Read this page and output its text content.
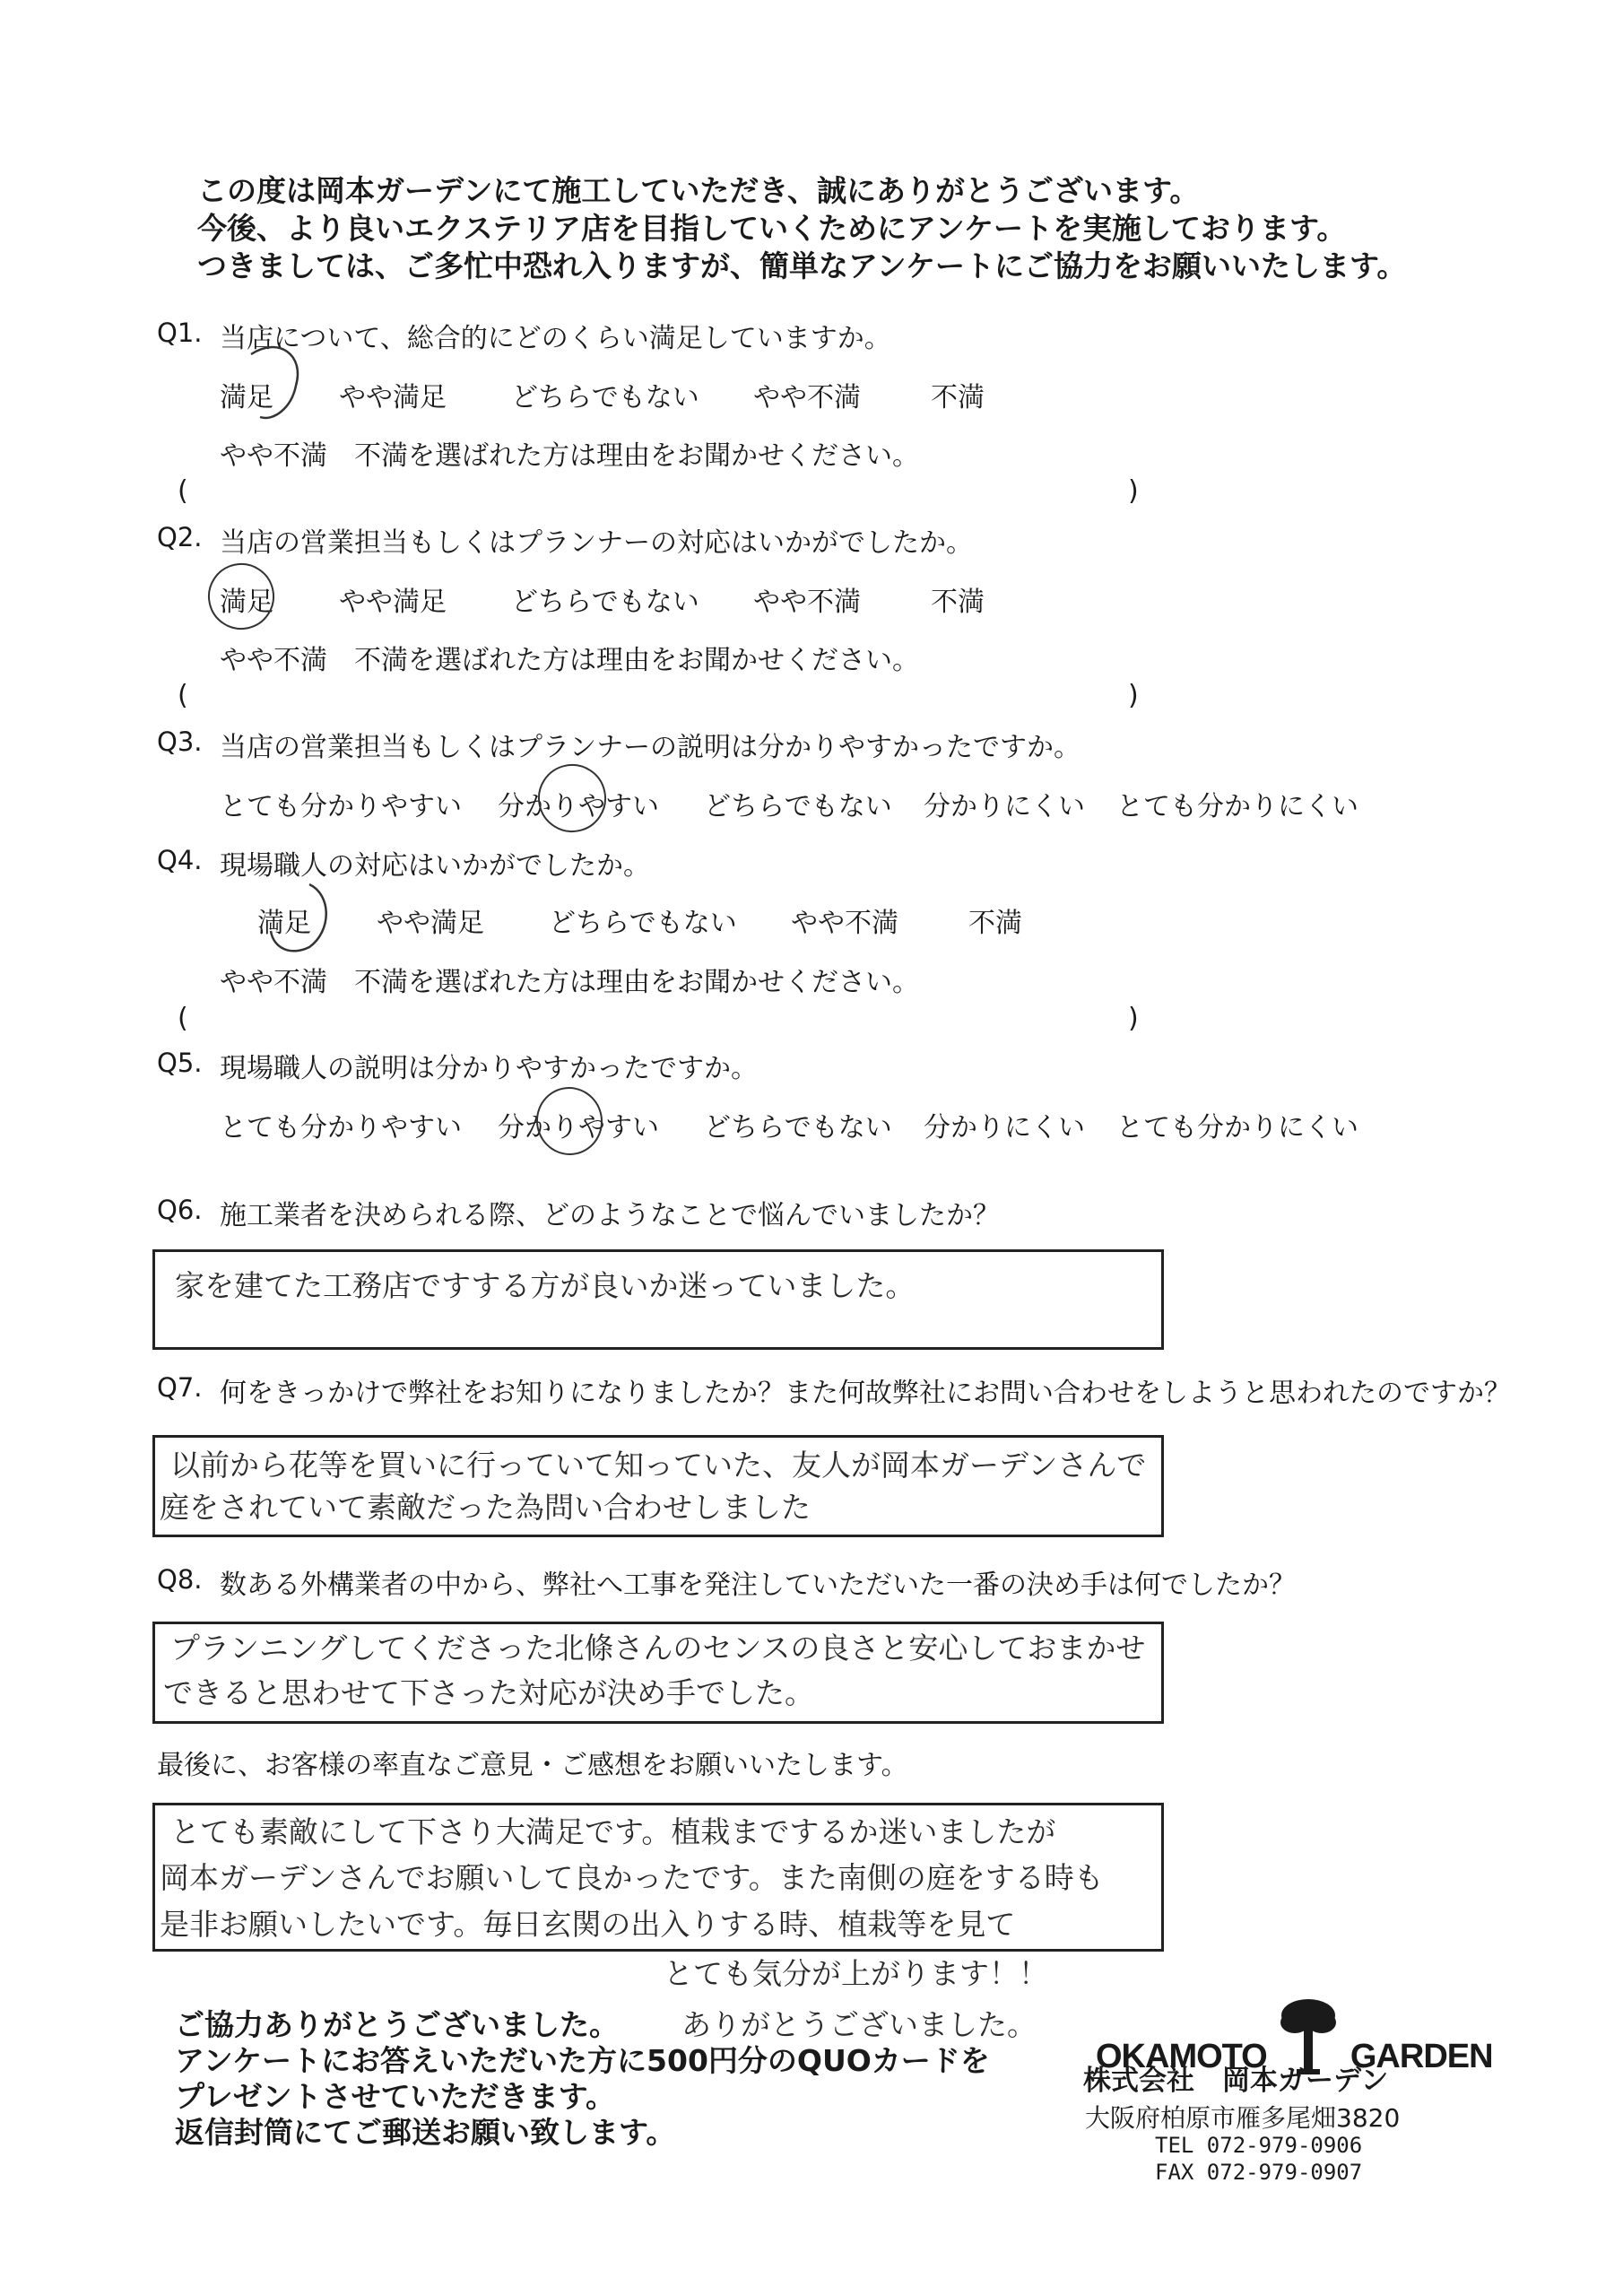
この度は岡本ガーデンにて施工していただき、誠にありがとうございます。
今後、より良いエクステリア店を目指していくためにアンケートを実施しております。
つきましては、ご多忙中恐れ入りますが、簡単なアンケートにご協力をお願いいたします。
Q1. 当店について、総合的にどのくらい満足していますか。
満足 やや満足 どちらでもない やや不満	不満
やや不満　不満を選ばれた方は理由をお聞かせください。
(	)
Q2. 当店の営業担当もしくはプランナーの対応はいかがでしたか。
満足 やや満足 どちらでもない やや不満	不満
やや不満　不満を選ばれた方は理由をお聞かせください。
(	)
Q3. 当店の営業担当もしくはプランナーの説明は分かりやすかったですか。
とても分かりやすい 分かりやすい どちらでもない 分かりにくい とても分かりにくい
Q4. 現場職人の対応はいかがでしたか。
満足 やや満足 どちらでもない やや不満	不満
やや不満　不満を選ばれた方は理由をお聞かせください。
(	)
Q5. 現場職人の説明は分かりやすかったですか。
とても分かりやすい 分かりやすい どちらでもない 分かりにくい とても分かりにくい
Q6. 施工業者を決められる際、どのようなことで悩んでいましたか？
家を建てた工務店ですする方が良いか迷っていました。
Q7. 何をきっかけで弊社をお知りになりましたか？また何故弊社にお問い合わせをしようと思われたのですか？
以前から花等を買いに行っていて知っていた、友人が岡本ガーデンさんで
庭をされていて素敵だった為問い合わせしました
Q8. 数ある外構業者の中から、弊社へ工事を発注していただいた一番の決め手は何でしたか？
プランニングしてくださった北條さんのセンスの良さと安心しておまかせ
できると思わせて下さった対応が決め手でした。
最後に、お客様の率直なご意見・ご感想をお願いいたします。
とても素敵にして下さり大満足です。植栽までするか迷いましたが
岡本ガーデンさんでお願いして良かったです。また南側の庭をする時も
是非お願いしたいです。毎日玄関の出入りする時、植栽等を見て
とても気分が上がります！！
ありがとうございました。
ご協力ありがとうございました。
アンケートにお答えいただいた方に500円分のQUOカードを
プレゼントさせていただきます。
返信封筒にてご郵送お願い致します。
OKAMOTO GARDEN
株式会社　岡本ガーデン
大阪府柏原市雁多尾畑3820
TEL 072-979-0906
FAX 072-979-0907
